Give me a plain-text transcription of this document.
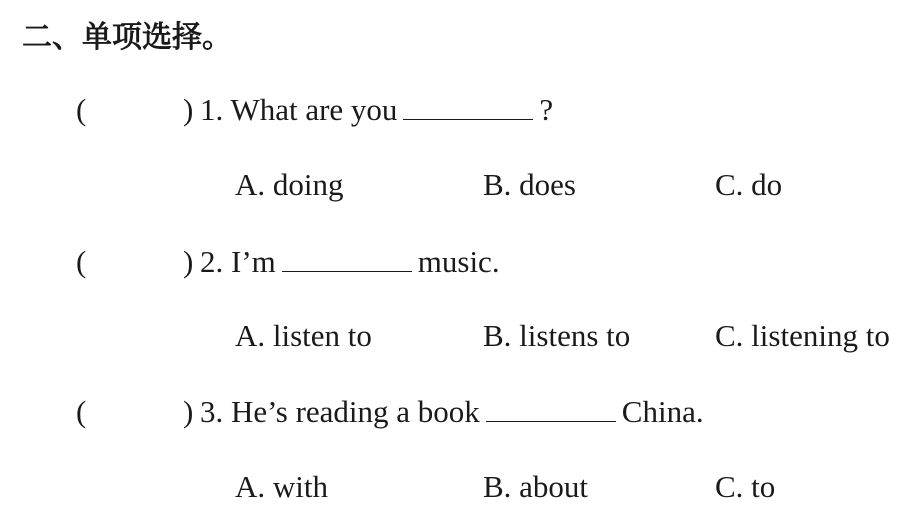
二、单项选择。
(	) 1. What are you	?
A. doing	B. does	C. do
(	) 2. I’m	music.
A. listen to	B. listens to	C. listening to
(	) 3. He’s reading a book	China.
A. with	B. about	C. to
